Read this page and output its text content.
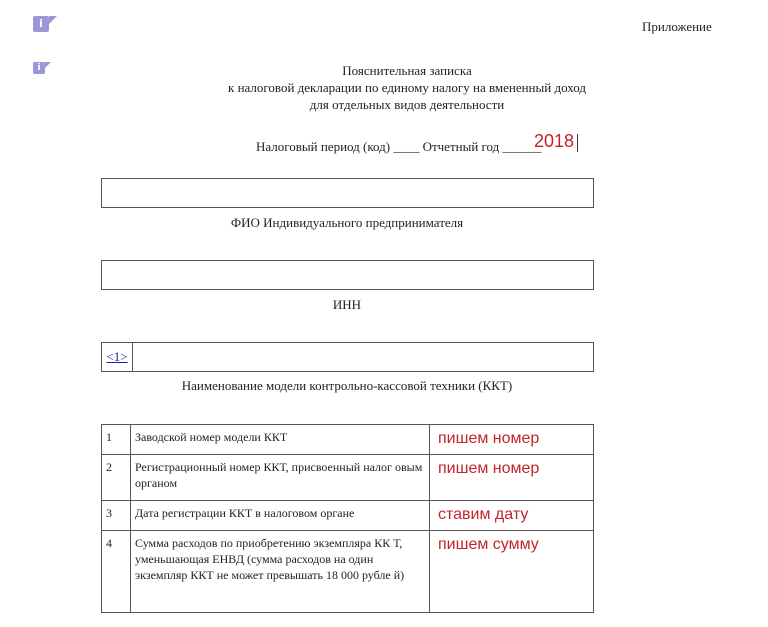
i
i
Приложение
Пояснительная записка
к налоговой декларации по единому налогу на вмененный доход
для отдельных видов деятельности
Налоговый период (код) ____ Отчетный год ______
2018
ФИО Индивидуального предпринимателя
ИНН
<1>
Наименование модели контрольно-кассовой техники (ККТ)
1	Заводской номер модели ККТ	пишем номер
2	Регистрационный номер ККТ, присвоенный налог овым органом	пишем номер
3	Дата регистрации ККТ в налоговом органе	ставим дату
4	Сумма расходов по приобретению экземпляра КК Т, уменьшающая ЕНВД (сумма расходов на один экземпляр ККТ не может превышать 18 000 рубле й)	пишем сумму
